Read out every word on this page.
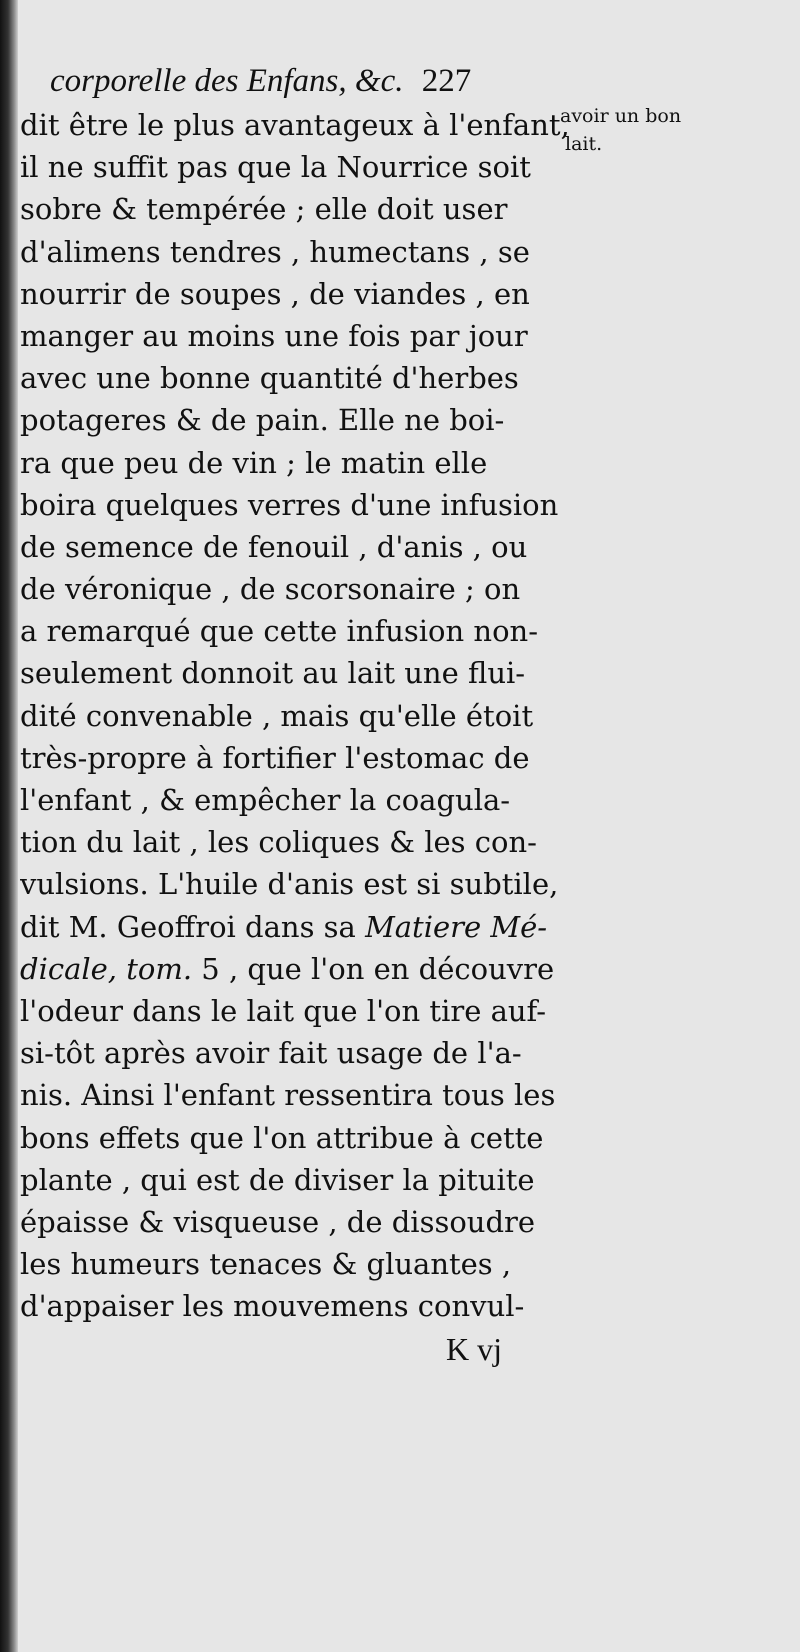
corporelle des Enfans, &c. 227
dit être le plus avantageux à l'enfant,
il ne suffit pas que la Nourrice soit
sobre & tempérée ; elle doit user
d'alimens tendres , humectans , se
nourrir de soupes , de viandes , en
manger au moins une fois par jour
avec une bonne quantité d'herbes
potageres & de pain. Elle ne boi-
ra que peu de vin ; le matin elle
boira quelques verres d'une infusion
de semence de fenouil , d'anis , ou
de véronique , de scorsonaire ; on
a remarqué que cette infusion non-
seulement donnoit au lait une flui-
dité convenable , mais qu'elle étoit
très-propre à fortifier l'estomac de
l'enfant , & empêcher la coagula-
tion du lait , les coliques & les con-
vulsions. L'huile d'anis est si subtile,
dit M. Geoffroi dans sa Matiere Mé-
dicale, tom. 5 , que l'on en découvre
l'odeur dans le lait que l'on tire auf-
si-tôt après avoir fait usage de l'a-
nis. Ainsi l'enfant ressentira tous les
bons effets que l'on attribue à cette
plante , qui est de diviser la pituite
épaisse & visqueuse , de dissoudre
les humeurs tenaces & gluantes ,
d'appaiser les mouvemens convul-
K vj
avoir un bon
lait.
